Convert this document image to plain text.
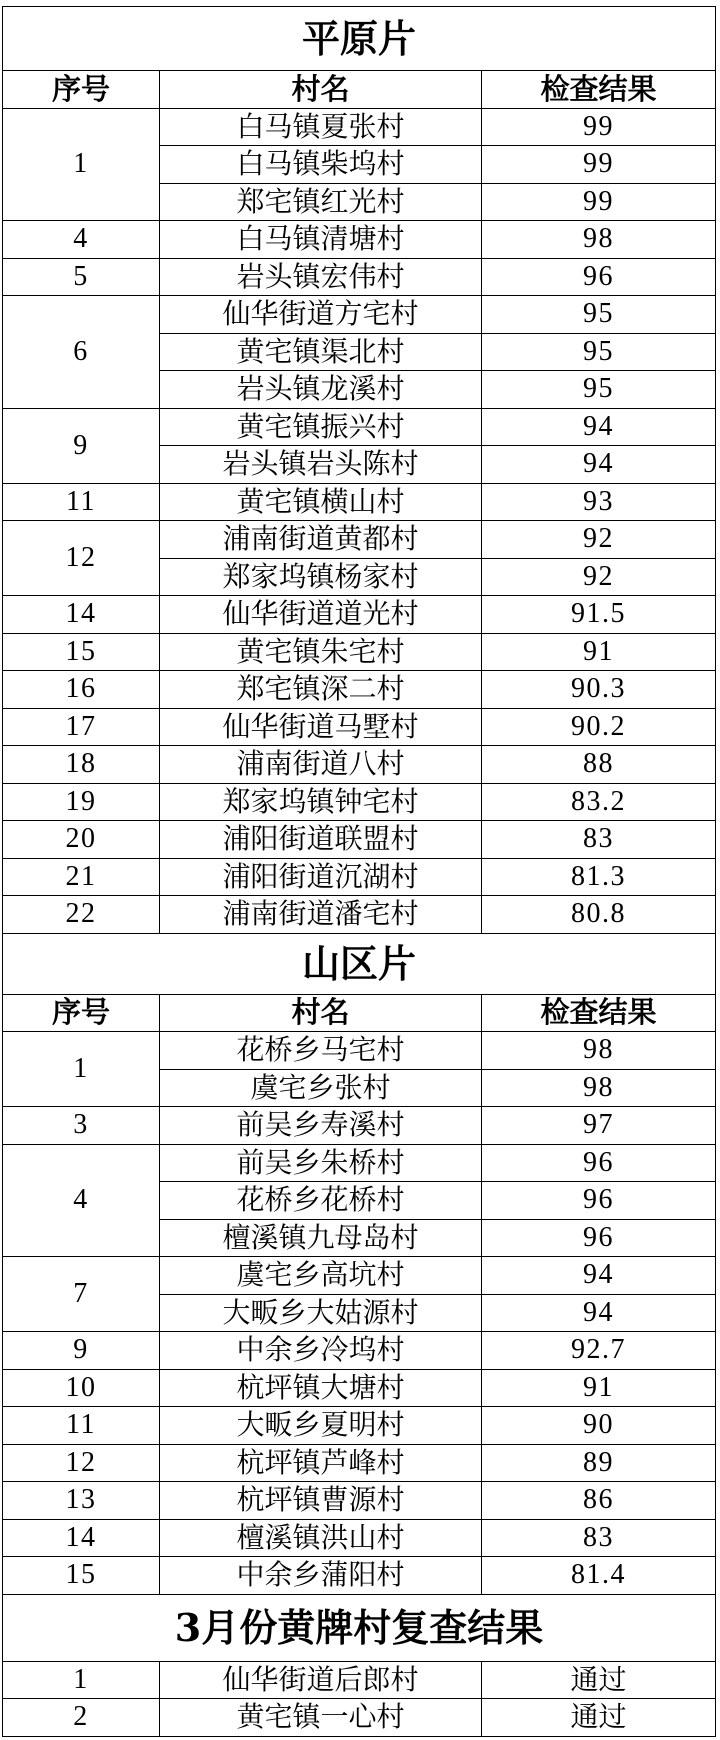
平原片
序号	村名	检查结果
1
白马镇夏张村	99
白马镇柴坞村	99
郑宅镇红光村	99
4	白马镇清塘村	98
5	岩头镇宏伟村	96
6
仙华街道方宅村	95
黄宅镇渠北村	95
岩头镇龙溪村	95
9
黄宅镇振兴村	94
岩头镇岩头陈村	94
11	黄宅镇横山村	93
12
浦南街道黄都村	92
郑家坞镇杨家村	92
14	仙华街道道光村	91.5
15	黄宅镇朱宅村	91
16	郑宅镇深二村	90.3
17	仙华街道马墅村	90.2
18	浦南街道八村	88
19	郑家坞镇钟宅村	83.2
20	浦阳街道联盟村	83
21	浦阳街道沉湖村	81.3
22	浦南街道潘宅村	80.8
山区片
序号	村名	检查结果
1
花桥乡马宅村	98
虞宅乡张村	98
3	前吴乡寿溪村	97
4
前吴乡朱桥村	96
花桥乡花桥村	96
檀溪镇九母岛村	96
7
虞宅乡高坑村	94
大畈乡大姑源村	94
9	中余乡冷坞村	92.7
10	杭坪镇大塘村	91
11	大畈乡夏明村	90
12	杭坪镇芦峰村	89
13	杭坪镇曹源村	86
14	檀溪镇洪山村	83
15	中余乡蒲阳村	81.4
3月份黄牌村复查结果
1	仙华街道后郎村	通过
2	黄宅镇一心村	通过
